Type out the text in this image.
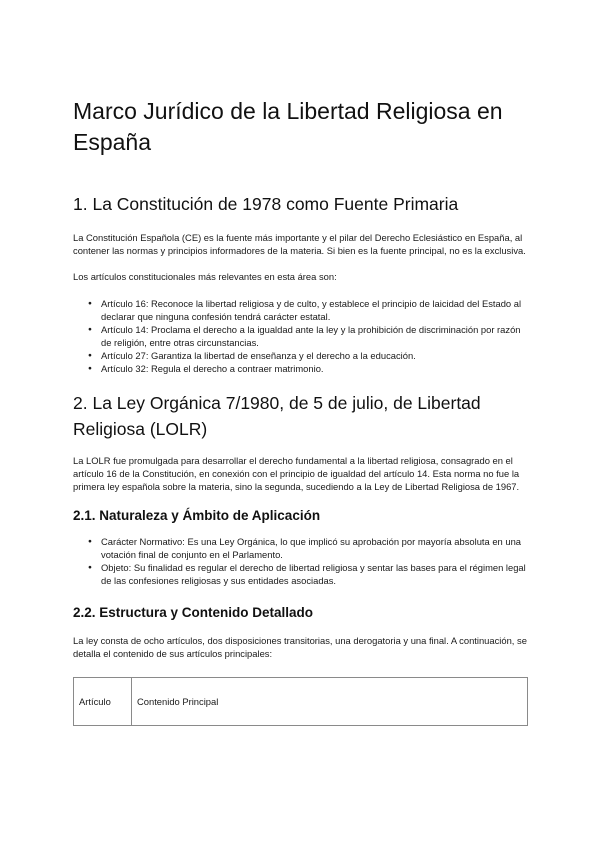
Marco Jurídico de la Libertad Religiosa en España
1. La Constitución de 1978 como Fuente Primaria

La Constitución Española (CE) es la fuente más importante y el pilar del Derecho Eclesiástico en España, al contener las normas y principios informadores de la materia. Si bien es la fuente principal, no es la exclusiva.

Los artículos constitucionales más relevantes en esta área son:

● Artículo 16: Reconoce la libertad religiosa y de culto, y establece el principio de laicidad del Estado al declarar que ninguna confesión tendrá carácter estatal.
● Artículo 14: Proclama el derecho a la igualdad ante la ley y la prohibición de discriminación por razón de religión, entre otras circunstancias.
● Artículo 27: Garantiza la libertad de enseñanza y el derecho a la educación.
● Artículo 32: Regula el derecho a contraer matrimonio.
2. La Ley Orgánica 7/1980, de 5 de julio, de Libertad Religiosa (LOLR)

La LOLR fue promulgada para desarrollar el derecho fundamental a la libertad religiosa, consagrado en el artículo 16 de la Constitución, en conexión con el principio de igualdad del artículo 14. Esta norma no fue la primera ley española sobre la materia, sino la segunda, sucediendo a la Ley de Libertad Religiosa de 1967.

2.1. Naturaleza y Ámbito de Aplicación
● Carácter Normativo: Es una Ley Orgánica, lo que implicó su aprobación por mayoría absoluta en una votación final de conjunto en el Parlamento.
● Objeto: Su finalidad es regular el derecho de libertad religiosa y sentar las bases para el régimen legal de las confesiones religiosas y sus entidades asociadas.
2.2. Estructura y Contenido Detallado

La ley consta de ocho artículos, dos disposiciones transitorias, una derogatoria y una final. A continuación, se detalla el contenido de sus artículos principales:

Artículo	Contenido Principal
